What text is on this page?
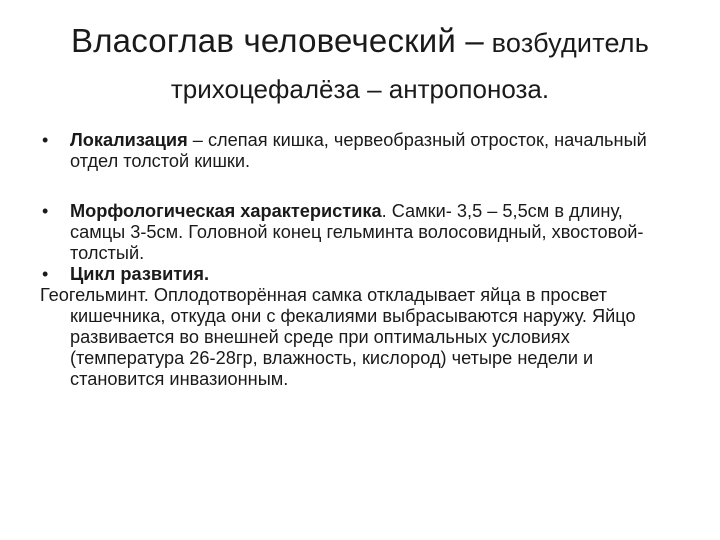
Власоглав человеческий – возбудитель
трихоцефалёза – антропоноза.

• Локализация – слепая кишка, червеобразный отросток, начальный отдел толстой кишки.

• Морфологическая характеристика. Самки- 3,5 – 5,5см в длину, самцы 3-5см. Головной конец гельминта волосовидный, хвостовой-толстый.

• Цикл развития.

Геогельминт. Оплодотворённая самка откладывает яйца в просвет кишечника, откуда они с фекалиями выбрасываются наружу. Яйцо развивается во внешней среде при оптимальных условиях (температура 26-28гр, влажность, кислород) четыре недели и становится инвазионным.
